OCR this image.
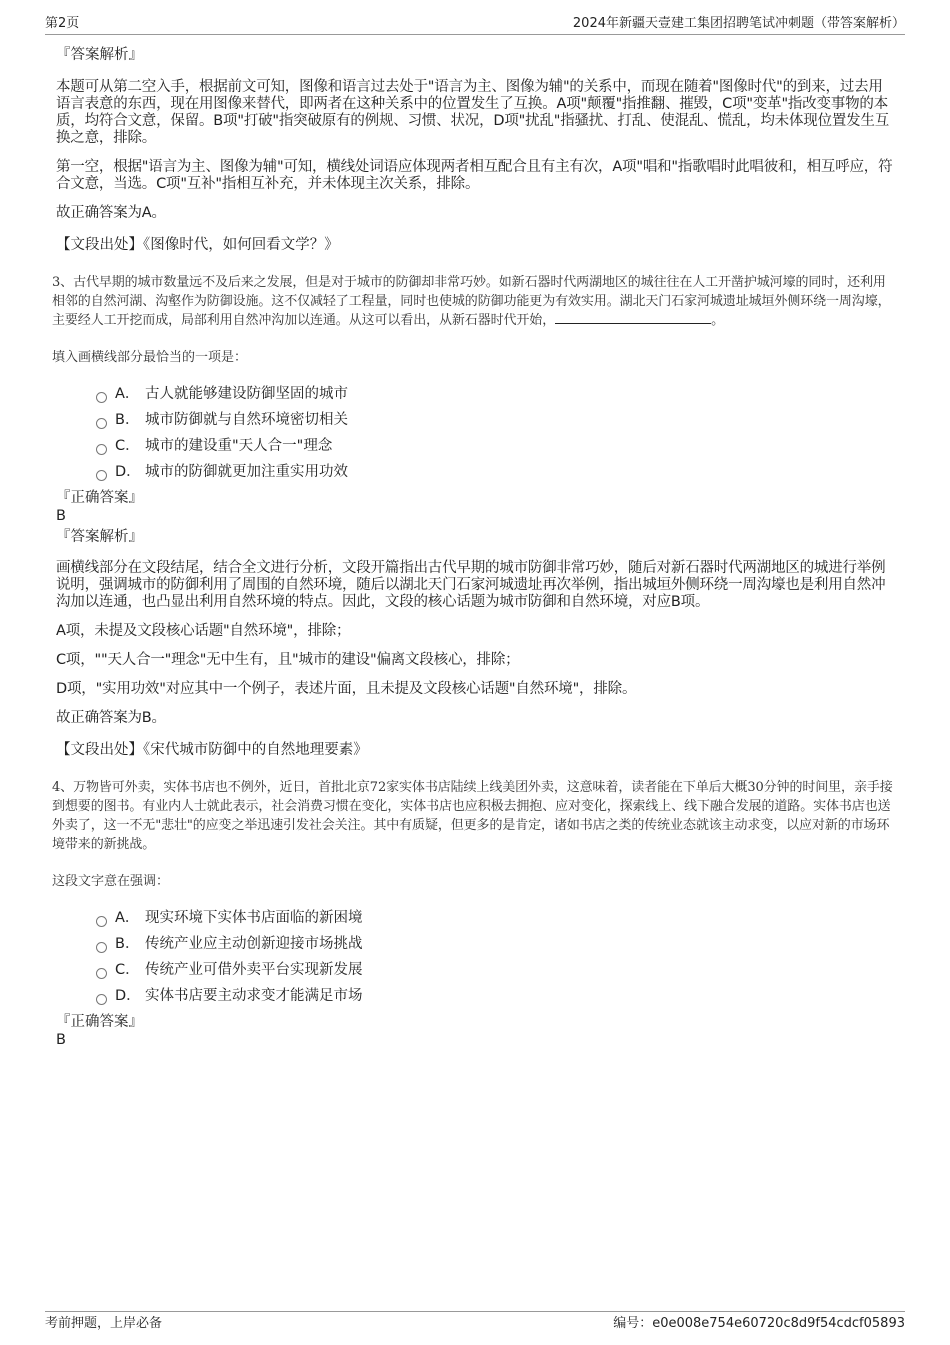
第2页	2024年新疆天壹建工集团招聘笔试冲刺题（带答案解析）

『答案解析』

本题可从第二空入手，根据前文可知，图像和语言过去处于"语言为主、图像为辅"的关系中，而现在随着"图像时代"的到来，过去用语言表意的东西，现在用图像来替代，即两者在这种关系中的位置发生了互换。A项"颠覆"指推翻、摧毁，C项"变革"指改变事物的本质，均符合文意，保留。B项"打破"指突破原有的例规、习惯、状况，D项"扰乱"指骚扰、打乱、使混乱、慌乱，均未体现位置发生互换之意，排除。

第一空，根据"语言为主、图像为辅"可知，横线处词语应体现两者相互配合且有主有次，A项"唱和"指歌唱时此唱彼和，相互呼应，符合文意，当选。C项"互补"指相互补充，并未体现主次关系，排除。

故正确答案为A。

【文段出处】《图像时代，如何回看文学？》

3、古代早期的城市数量远不及后来之发展，但是对于城市的防御却非常巧妙。如新石器时代两湖地区的城往往在人工开凿护城河壕的同时，还利用相邻的自然河湖、沟壑作为防御设施。这不仅减轻了工程量，同时也使城的防御功能更为有效实用。湖北天门石家河城遗址城垣外侧环绕一周沟壕，主要经人工开挖而成，局部利用自然冲沟加以连通。从这可以看出，从新石器时代开始，	。

填入画横线部分最恰当的一项是：

A． 古人就能够建设防御坚固的城市
B． 城市防御就与自然环境密切相关
C． 城市的建设重"天人合一"理念
D． 城市的防御就更加注重实用功效

『正确答案』

B

『答案解析』

画横线部分在文段结尾，结合全文进行分析，文段开篇指出古代早期的城市防御非常巧妙，随后对新石器时代两湖地区的城进行举例说明，强调城市的防御利用了周围的自然环境，随后以湖北天门石家河城遗址再次举例，指出城垣外侧环绕一周沟壕也是利用自然冲沟加以连通，也凸显出利用自然环境的特点。因此，文段的核心话题为城市防御和自然环境，对应B项。

A项，未提及文段核心话题"自然环境"，排除；

C项，""天人合一"理念"无中生有，且"城市的建设"偏离文段核心，排除；

D项，"实用功效"对应其中一个例子，表述片面，且未提及文段核心话题"自然环境"，排除。

故正确答案为B。

【文段出处】《宋代城市防御中的自然地理要素》

4、万物皆可外卖，实体书店也不例外，近日，首批北京72家实体书店陆续上线美团外卖，这意味着，读者能在下单后大概30分钟的时间里，亲手接到想要的图书。有业内人士就此表示，社会消费习惯在变化，实体书店也应积极去拥抱、应对变化，探索线上、线下融合发展的道路。实体书店也送外卖了，这一不无"悲壮"的应变之举迅速引发社会关注。其中有质疑，但更多的是肯定，诸如书店之类的传统业态就该主动求变，以应对新的市场环境带来的新挑战。

这段文字意在强调：

A． 现实环境下实体书店面临的新困境
B． 传统产业应主动创新迎接市场挑战
C． 传统产业可借外卖平台实现新发展
D． 实体书店要主动求变才能满足市场

『正确答案』

B

考前押题，上岸必备	编号：e0e008e754e60720c8d9f54cdcf05893
